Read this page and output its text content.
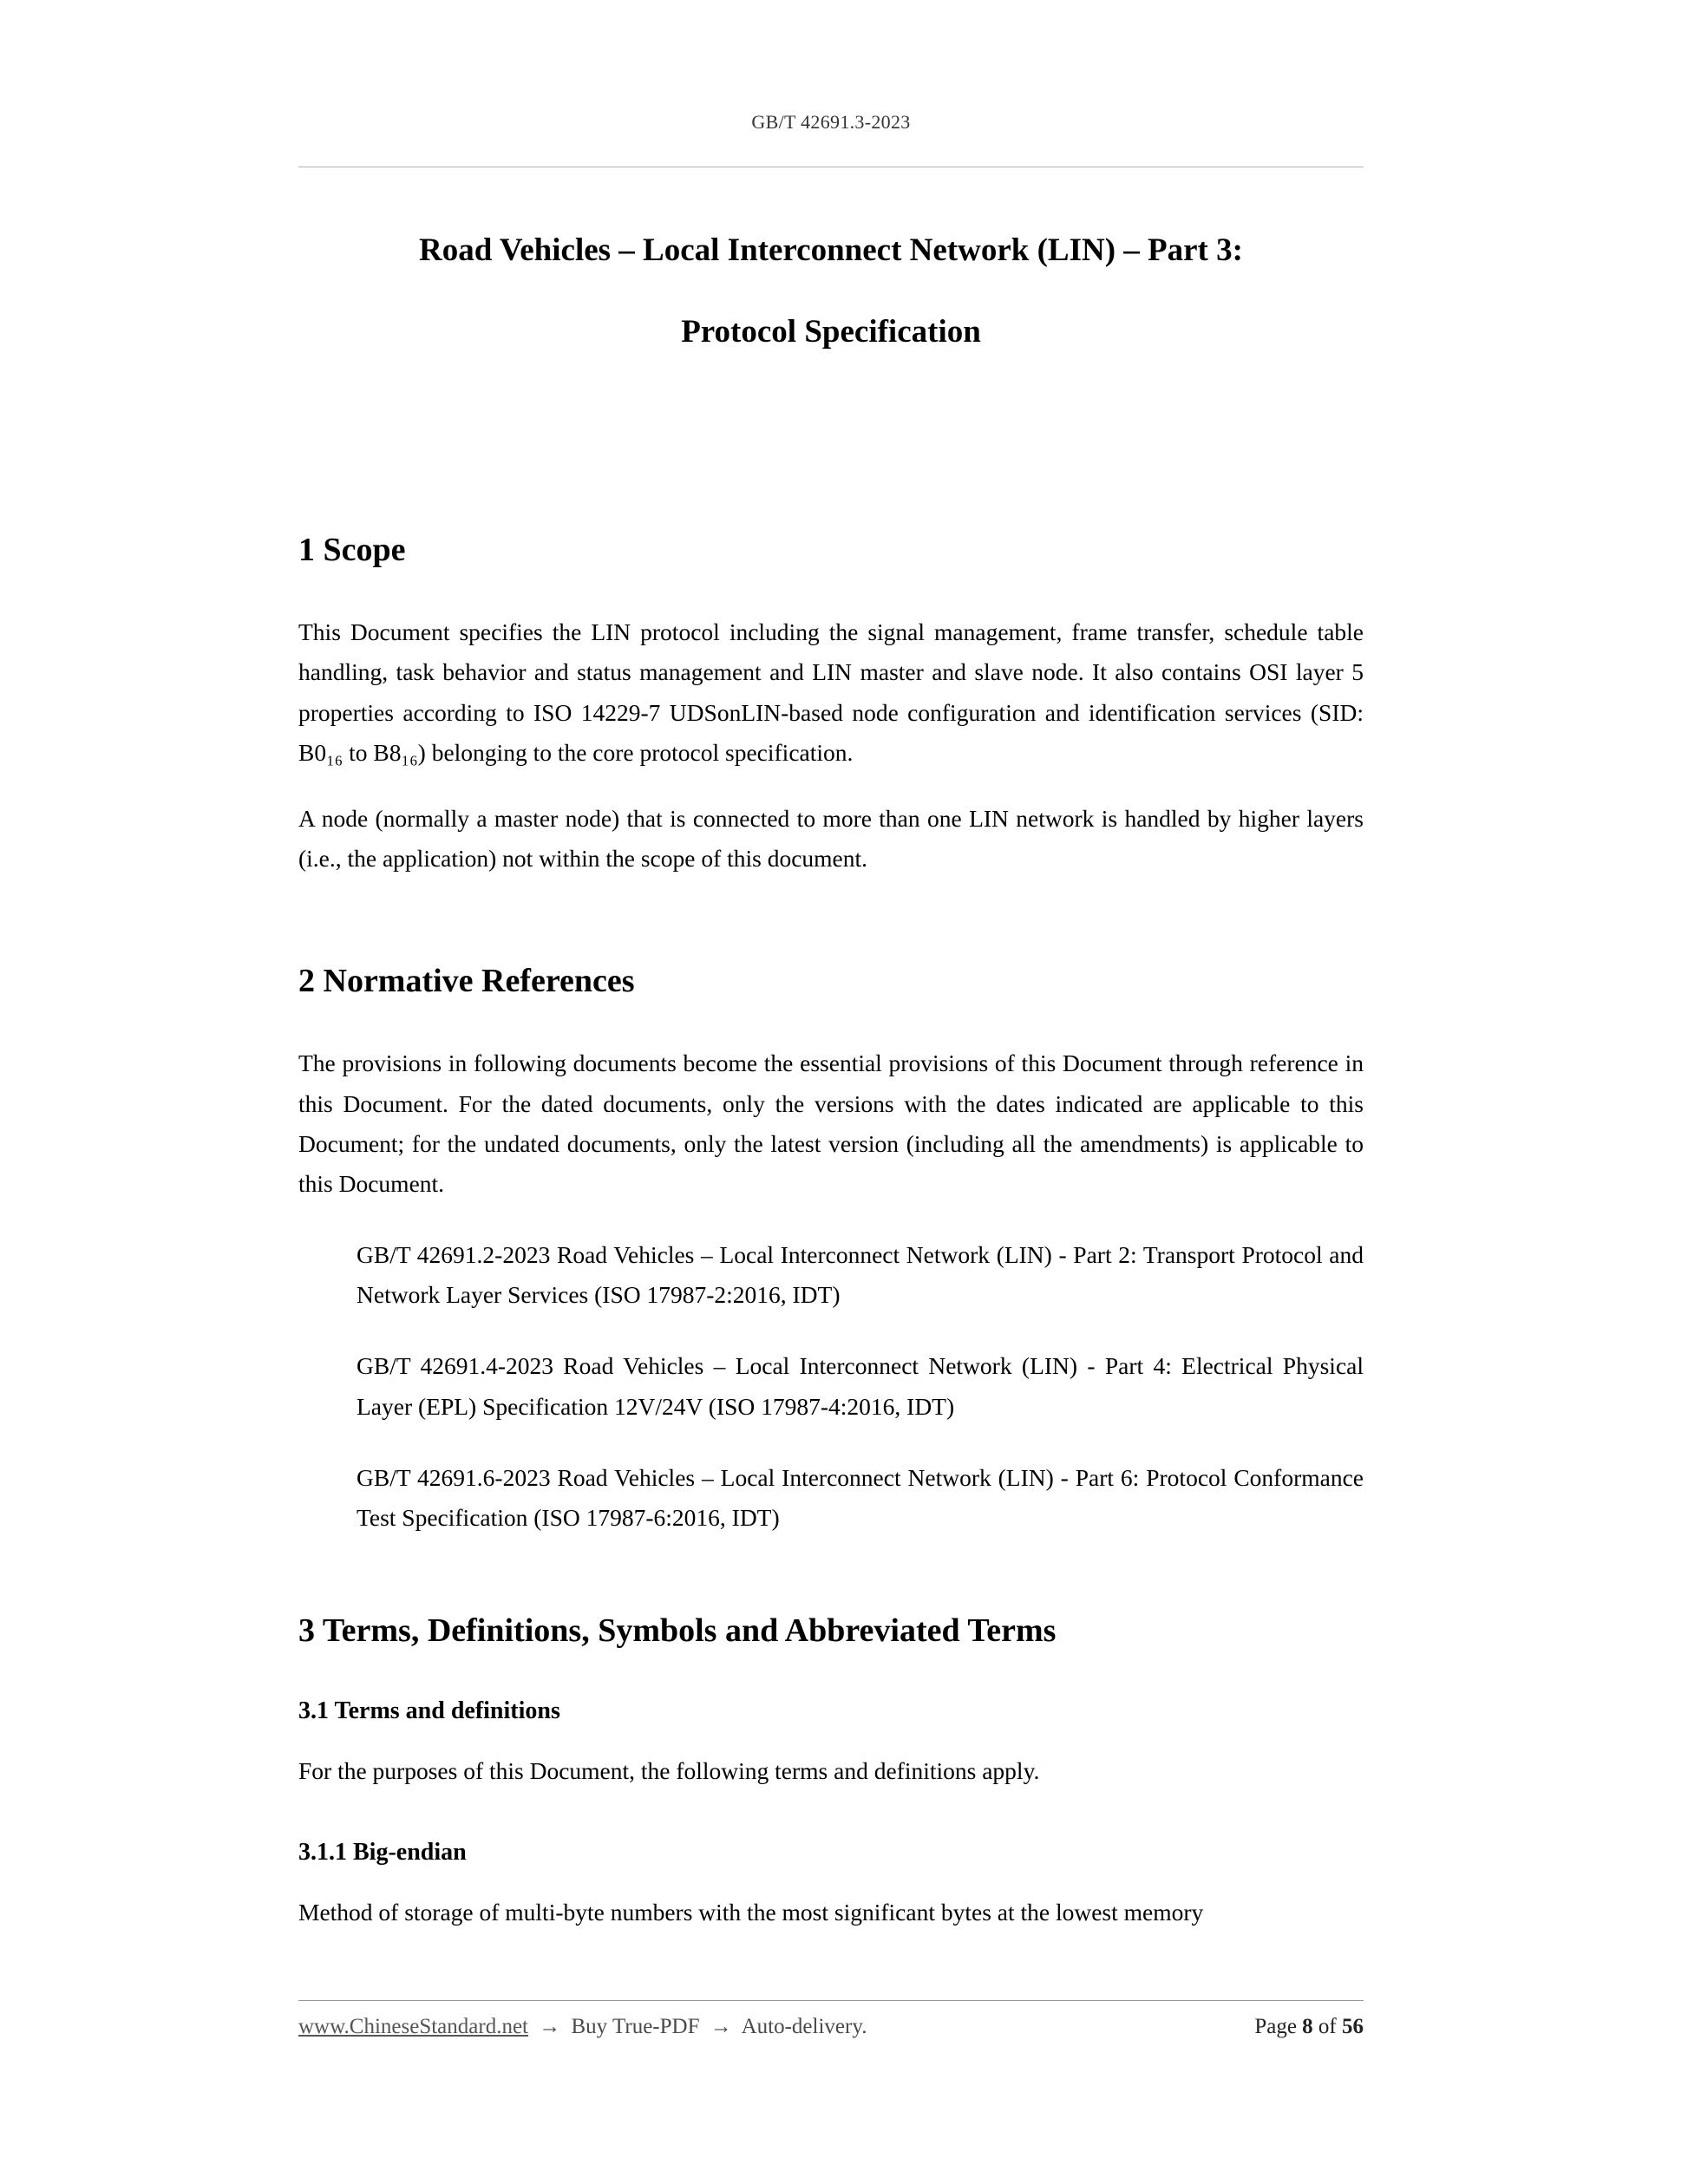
GB/T 42691.3-2023
Road Vehicles – Local Interconnect Network (LIN) – Part 3:
Protocol Specification
1 Scope

This Document specifies the LIN protocol including the signal management, frame transfer, schedule table handling, task behavior and status management and LIN master and slave node. It also contains OSI layer 5 properties according to ISO 14229-7 UDSonLIN-based node configuration and identification services (SID: B0₁₆ to B8₁₆) belonging to the core protocol specification.

A node (normally a master node) that is connected to more than one LIN network is handled by higher layers (i.e., the application) not within the scope of this document.

2 Normative References

The provisions in following documents become the essential provisions of this Document through reference in this Document. For the dated documents, only the versions with the dates indicated are applicable to this Document; for the undated documents, only the latest version (including all the amendments) is applicable to this Document.

GB/T 42691.2-2023 Road Vehicles – Local Interconnect Network (LIN) - Part 2: Transport Protocol and Network Layer Services (ISO 17987-2:2016, IDT)

GB/T 42691.4-2023 Road Vehicles – Local Interconnect Network (LIN) - Part 4: Electrical Physical Layer (EPL) Specification 12V/24V (ISO 17987-4:2016, IDT)

GB/T 42691.6-2023 Road Vehicles – Local Interconnect Network (LIN) - Part 6: Protocol Conformance Test Specification (ISO 17987-6:2016, IDT)

3 Terms, Definitions, Symbols and Abbreviated Terms
3.1 Terms and definitions

For the purposes of this Document, the following terms and definitions apply.

3.1.1 Big-endian

Method of storage of multi-byte numbers with the most significant bytes at the lowest memory

www.ChineseStandard.net → Buy True-PDF → Auto-delivery.	Page 8 of 56
